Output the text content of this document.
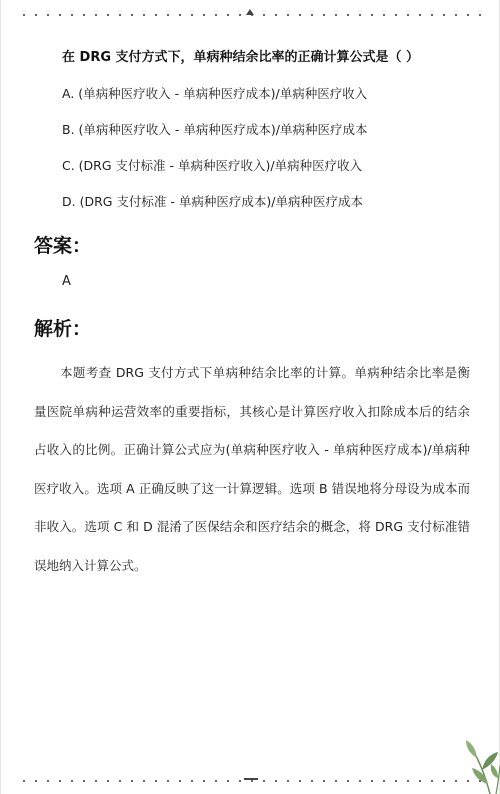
在 DRG 支付方式下，单病种结余比率的正确计算公式是（ ）
A. (单病种医疗收入 - 单病种医疗成本)/单病种医疗收入
B. (单病种医疗收入 - 单病种医疗成本)/单病种医疗成本
C. (DRG 支付标准 - 单病种医疗收入)/单病种医疗收入
D. (DRG 支付标准 - 单病种医疗成本)/单病种医疗成本
答案：
A
解析：
本题考查 DRG 支付方式下单病种结余比率的计算。单病种结余比率是衡量医院单病种运营效率的重要指标，其核心是计算医疗收入扣除成本后的结余占收入的比例。正确计算公式应为(单病种医疗收入 - 单病种医疗成本)/单病种医疗收入。选项 A 正确反映了这一计算逻辑。选项 B 错误地将分母设为成本而非收入。选项 C 和 D 混淆了医保结余和医疗结余的概念，将 DRG 支付标准错误地纳入计算公式。
